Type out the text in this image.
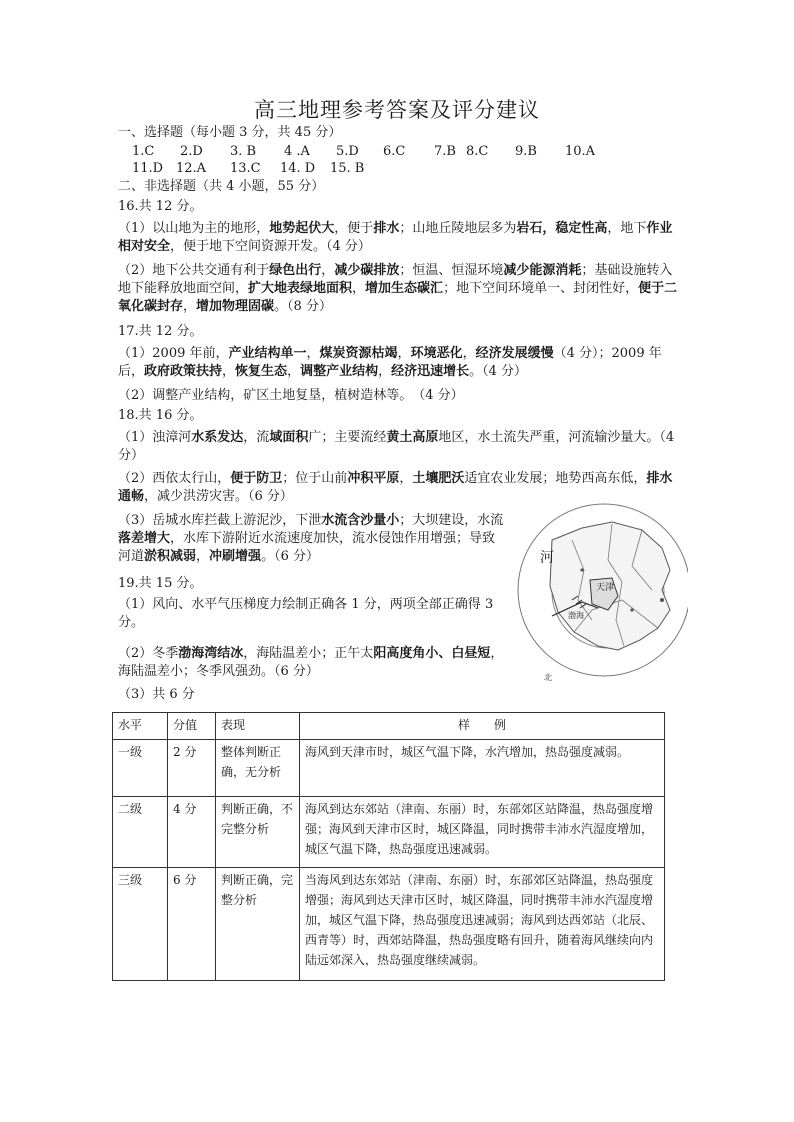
高三地理参考答案及评分建议
一、选择题（每小题 3 分，共 45 分）
1.C 2.D 3. B 4 .A 5.D 6.C 7.B 8.C 9.B 10.A
11.D 12.A 13.C 14. D 15. B
二、非选择题（共 4 小题，55 分）
16.共 12 分。
（1）以山地为主的地形，地势起伏大，便于排水；山地丘陵地层多为岩石，稳定性高，地下作业相对安全，便于地下空间资源开发。（4 分）
（2）地下公共交通有利于绿色出行，减少碳排放；恒温、恒湿环境减少能源消耗；基础设施转入地下能释放地面空间，扩大地表绿地面积，增加生态碳汇；地下空间环境单一、封闭性好，便于二氧化碳封存，增加物理固碳。（8 分）
17.共 12 分。
（1）2009 年前，产业结构单一，煤炭资源枯竭，环境恶化，经济发展缓慢（4 分）；2009 年后，政府政策扶持，恢复生态，调整产业结构，经济迅速增长。（4 分）
（2）调整产业结构，矿区土地复垦，植树造林等。　（4 分）
18.共 16 分。
（1）浊漳河水系发达，流域面积广；主要流经黄土高原地区，水土流失严重，河流输沙量大。（4 分）
（2）西依太行山，便于防卫；位于山前冲积平原，土壤肥沃适宜农业发展；地势西高东低，排水通畅，减少洪涝灾害。（6 分）
（3）岳城水库拦截上游泥沙，下泄水流含沙量小；大坝建设，水流落差增大，水库下游附近水流速度加快，流水侵蚀作用增强；导致河道淤积减弱，冲刷增强。（6 分）
19.共 15 分。
（1）风向、水平气压梯度力绘制正确各 1 分，两项全部正确得 3 分。
（2）冬季渤海湾结冰，海陆温差小；正午太阳高度角小、白昼短，海陆温差小；冬季风强劲。（6 分）
（3）共 6 分
河
天津
渤海
北
水平	分值	表现	样　　例
一级	2 分	整体判断正确，无分析	海风到天津市时，城区气温下降，水汽增加，热岛强度减弱。
二级	4 分	判断正确，不完整分析	海风到达东郊站（津南、东丽）时，东部郊区站降温，热岛强度增强；海风到天津市区时，城区降温，同时携带丰沛水汽湿度增加，城区气温下降，热岛强度迅速减弱。
三级	6 分	判断正确，完整分析	当海风到达东郊站（津南、东丽）时，东部郊区站降温，热岛强度增强；海风到达天津市区时，城区降温，同时携带丰沛水汽湿度增加，城区气温下降，热岛强度迅速减弱；海风到达西郊站（北辰、西青等）时，西郊站降温，热岛强度略有回升，随着海风继续向内陆远郊深入，热岛强度继续减弱。
